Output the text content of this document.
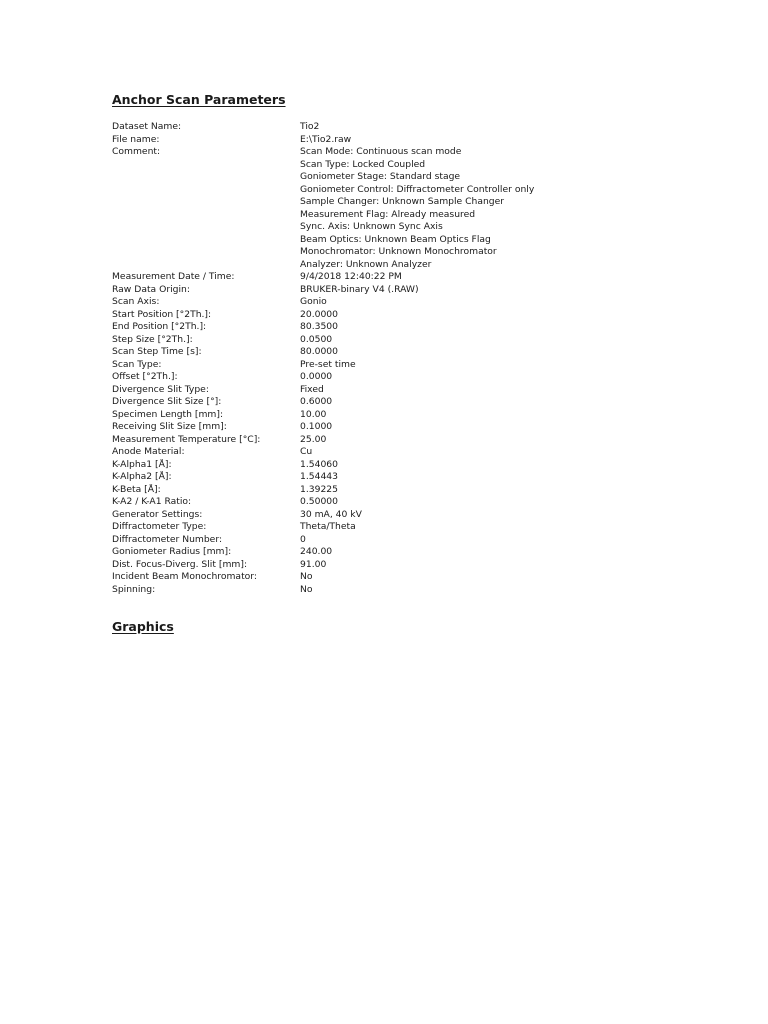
Anchor Scan Parameters
Dataset Name:	Tio2
File name:	E:\Tio2.raw
Comment:	Scan Mode: Continuous scan mode
Scan Type: Locked Coupled
Goniometer Stage: Standard stage
Goniometer Control: Diffractometer Controller only
Sample Changer: Unknown Sample Changer
Measurement Flag: Already measured
Sync. Axis: Unknown Sync Axis
Beam Optics: Unknown Beam Optics Flag
Monochromator: Unknown Monochromator
Analyzer: Unknown Analyzer
Measurement Date / Time:	9/4/2018 12:40:22 PM
Raw Data Origin:	BRUKER-binary V4 (.RAW)
Scan Axis:	Gonio
Start Position [°2Th.]:	20.0000
End Position [°2Th.]:	80.3500
Step Size [°2Th.]:	0.0500
Scan Step Time [s]:	80.0000
Scan Type:	Pre-set time
Offset [°2Th.]:	0.0000
Divergence Slit Type:	Fixed
Divergence Slit Size [°]:	0.6000
Specimen Length [mm]:	10.00
Receiving Slit Size [mm]:	0.1000
Measurement Temperature [°C]:	25.00
Anode Material:	Cu
K-Alpha1 [Å]:	1.54060
K-Alpha2 [Å]:	1.54443
K-Beta [Å]:	1.39225
K-A2 / K-A1 Ratio:	0.50000
Generator Settings:	30 mA, 40 kV
Diffractometer Type:	Theta/Theta
Diffractometer Number:	0
Goniometer Radius [mm]:	240.00
Dist. Focus-Diverg. Slit [mm]:	91.00
Incident Beam Monochromator:	No
Spinning:	No
Graphics
